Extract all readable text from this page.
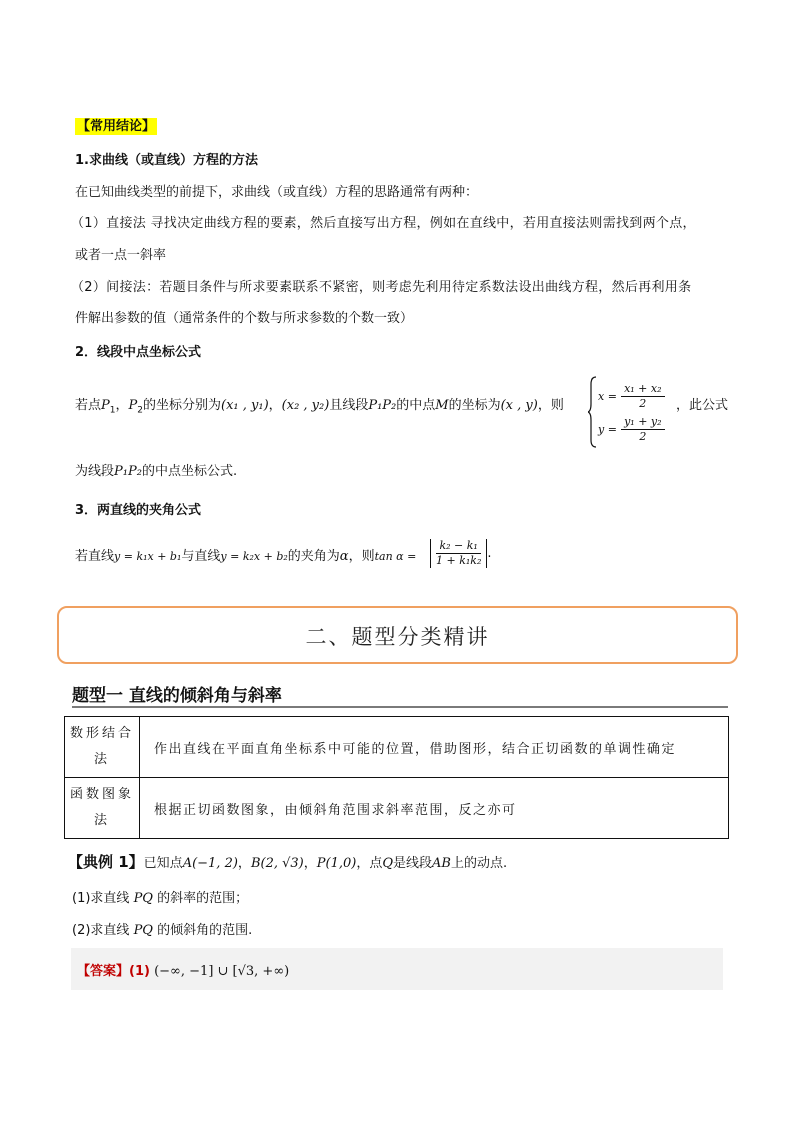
【常用结论】
1.求曲线（或直线）方程的方法
在已知曲线类型的前提下，求曲线（或直线）方程的思路通常有两种：
（1）直接法 寻找决定曲线方程的要素，然后直接写出方程，例如在直线中，若用直接法则需找到两个点，
或者一点一斜率
（2）间接法：若题目条件与所求要素联系不紧密，则考虑先利用待定系数法设出曲线方程，然后再利用条
件解出参数的值（通常条件的个数与所求参数的个数一致）
2．线段中点坐标公式
若点$P_1$，$P_2$的坐标分别为(x₁ , y₁)，(x₂ , y₂)且线段P₁P₂的中点M的坐标为(x , y)，则
$x = \frac{\text{x₁ + x₂}}{2}$
$y = \frac{\text{y₁ + y₂}}{2}$
，此公式
为线段P₁P₂的中点坐标公式.
3．两直线的夹角公式
若直线y = k₁x + b₁与直线y = k₂x + b₂的夹角为α，则$\tan \alpha = \frac{\text{k₂ − k₁}}{\text{1 + k₁k₂}}$ .
二、题型分类精讲
题型一 直线的倾斜角与斜率
数形结合
法	作出直线在平面直角坐标系中可能的位置，借助图形，结合正切函数的单调性确定
函数图象
法	根据正切函数图象，由倾斜角范围求斜率范围，反之亦可
【典例 1】已知点A(−1, 2)，B(2, √3)，P(1,0)，点Q是线段AB上的动点.
(1)求直线 PQ 的斜率的范围；
(2)求直线 PQ 的倾斜角的范围.
【答案】(1) (−∞, −1] ∪ [√3, +∞)
